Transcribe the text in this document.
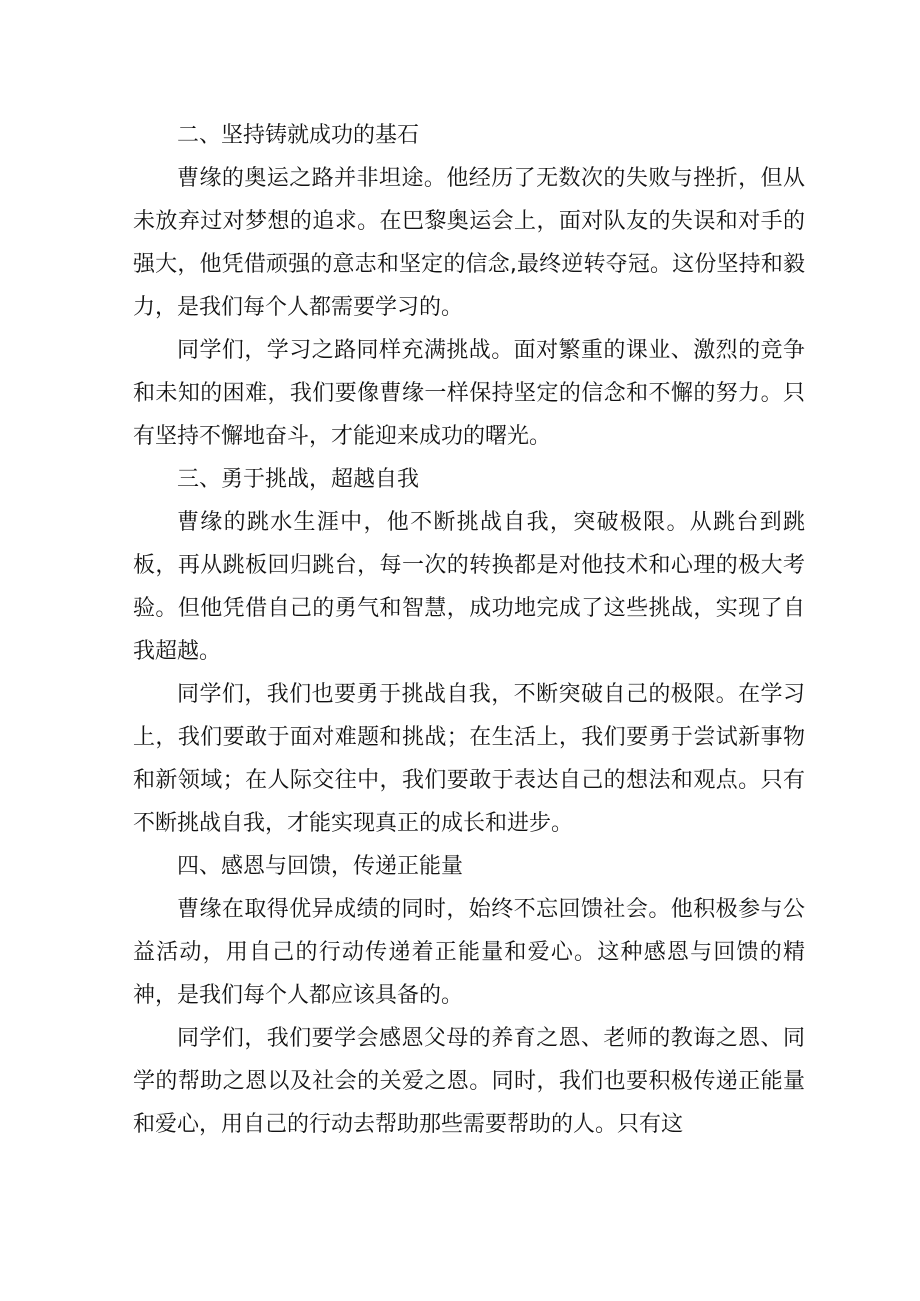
二、坚持铸就成功的基石

曹缘的奥运之路并非坦途。他经历了无数次的失败与挫折，但从未放弃过对梦想的追求。在巴黎奥运会上，面对队友的失误和对手的强大，他凭借顽强的意志和坚定的信念,最终逆转夺冠。这份坚持和毅力，是我们每个人都需要学习的。

同学们，学习之路同样充满挑战。面对繁重的课业、激烈的竞争和未知的困难，我们要像曹缘一样保持坚定的信念和不懈的努力。只有坚持不懈地奋斗，才能迎来成功的曙光。

三、勇于挑战，超越自我

曹缘的跳水生涯中，他不断挑战自我，突破极限。从跳台到跳板，再从跳板回归跳台，每一次的转换都是对他技术和心理的极大考验。但他凭借自己的勇气和智慧，成功地完成了这些挑战，实现了自我超越。

同学们，我们也要勇于挑战自我，不断突破自己的极限。在学习上，我们要敢于面对难题和挑战；在生活上，我们要勇于尝试新事物和新领域；在人际交往中，我们要敢于表达自己的想法和观点。只有不断挑战自我，才能实现真正的成长和进步。

四、感恩与回馈，传递正能量

曹缘在取得优异成绩的同时，始终不忘回馈社会。他积极参与公益活动，用自己的行动传递着正能量和爱心。这种感恩与回馈的精神，是我们每个人都应该具备的。

同学们，我们要学会感恩父母的养育之恩、老师的教诲之恩、同学的帮助之恩以及社会的关爱之恩。同时，我们也要积极传递正能量和爱心，用自己的行动去帮助那些需要帮助的人。只有这
